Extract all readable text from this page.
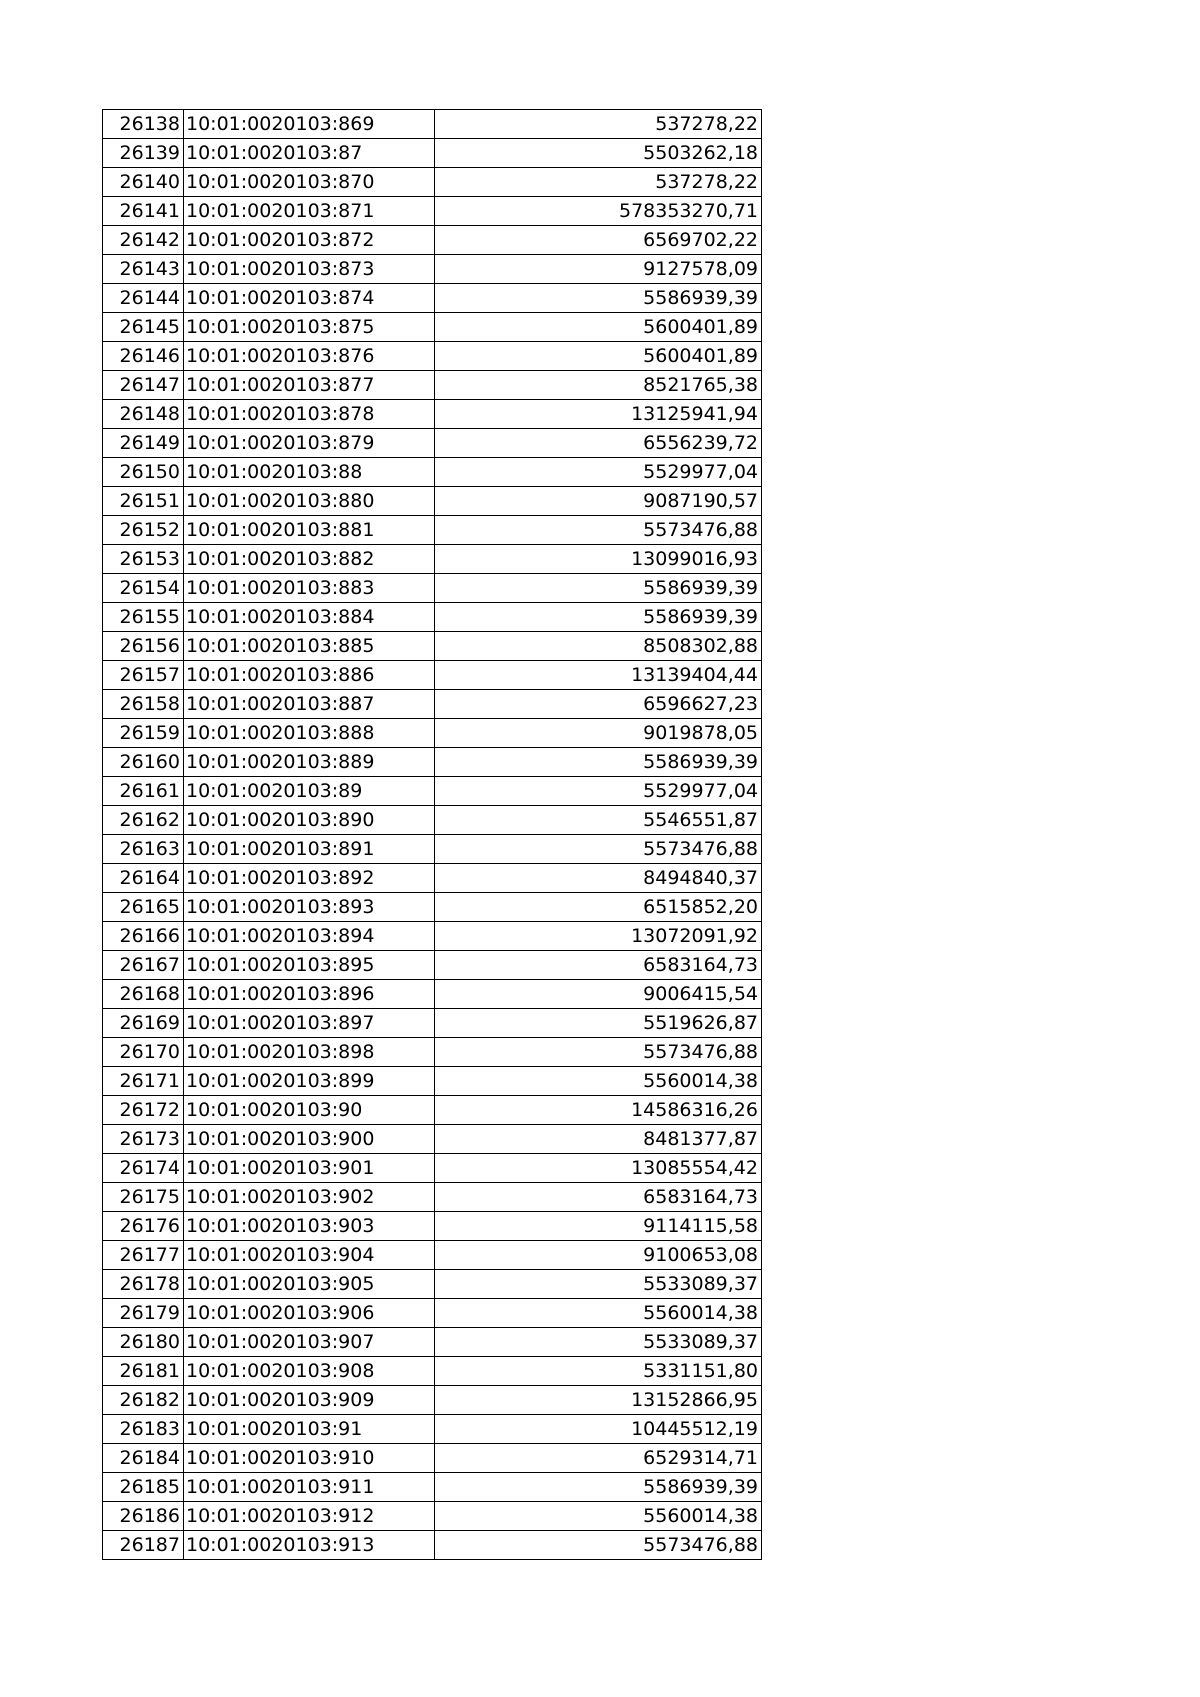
26138	10:01:0020103:869	537278,22
26139	10:01:0020103:87	5503262,18
26140	10:01:0020103:870	537278,22
26141	10:01:0020103:871	578353270,71
26142	10:01:0020103:872	6569702,22
26143	10:01:0020103:873	9127578,09
26144	10:01:0020103:874	5586939,39
26145	10:01:0020103:875	5600401,89
26146	10:01:0020103:876	5600401,89
26147	10:01:0020103:877	8521765,38
26148	10:01:0020103:878	13125941,94
26149	10:01:0020103:879	6556239,72
26150	10:01:0020103:88	5529977,04
26151	10:01:0020103:880	9087190,57
26152	10:01:0020103:881	5573476,88
26153	10:01:0020103:882	13099016,93
26154	10:01:0020103:883	5586939,39
26155	10:01:0020103:884	5586939,39
26156	10:01:0020103:885	8508302,88
26157	10:01:0020103:886	13139404,44
26158	10:01:0020103:887	6596627,23
26159	10:01:0020103:888	9019878,05
26160	10:01:0020103:889	5586939,39
26161	10:01:0020103:89	5529977,04
26162	10:01:0020103:890	5546551,87
26163	10:01:0020103:891	5573476,88
26164	10:01:0020103:892	8494840,37
26165	10:01:0020103:893	6515852,20
26166	10:01:0020103:894	13072091,92
26167	10:01:0020103:895	6583164,73
26168	10:01:0020103:896	9006415,54
26169	10:01:0020103:897	5519626,87
26170	10:01:0020103:898	5573476,88
26171	10:01:0020103:899	5560014,38
26172	10:01:0020103:90	14586316,26
26173	10:01:0020103:900	8481377,87
26174	10:01:0020103:901	13085554,42
26175	10:01:0020103:902	6583164,73
26176	10:01:0020103:903	9114115,58
26177	10:01:0020103:904	9100653,08
26178	10:01:0020103:905	5533089,37
26179	10:01:0020103:906	5560014,38
26180	10:01:0020103:907	5533089,37
26181	10:01:0020103:908	5331151,80
26182	10:01:0020103:909	13152866,95
26183	10:01:0020103:91	10445512,19
26184	10:01:0020103:910	6529314,71
26185	10:01:0020103:911	5586939,39
26186	10:01:0020103:912	5560014,38
26187	10:01:0020103:913	5573476,88
